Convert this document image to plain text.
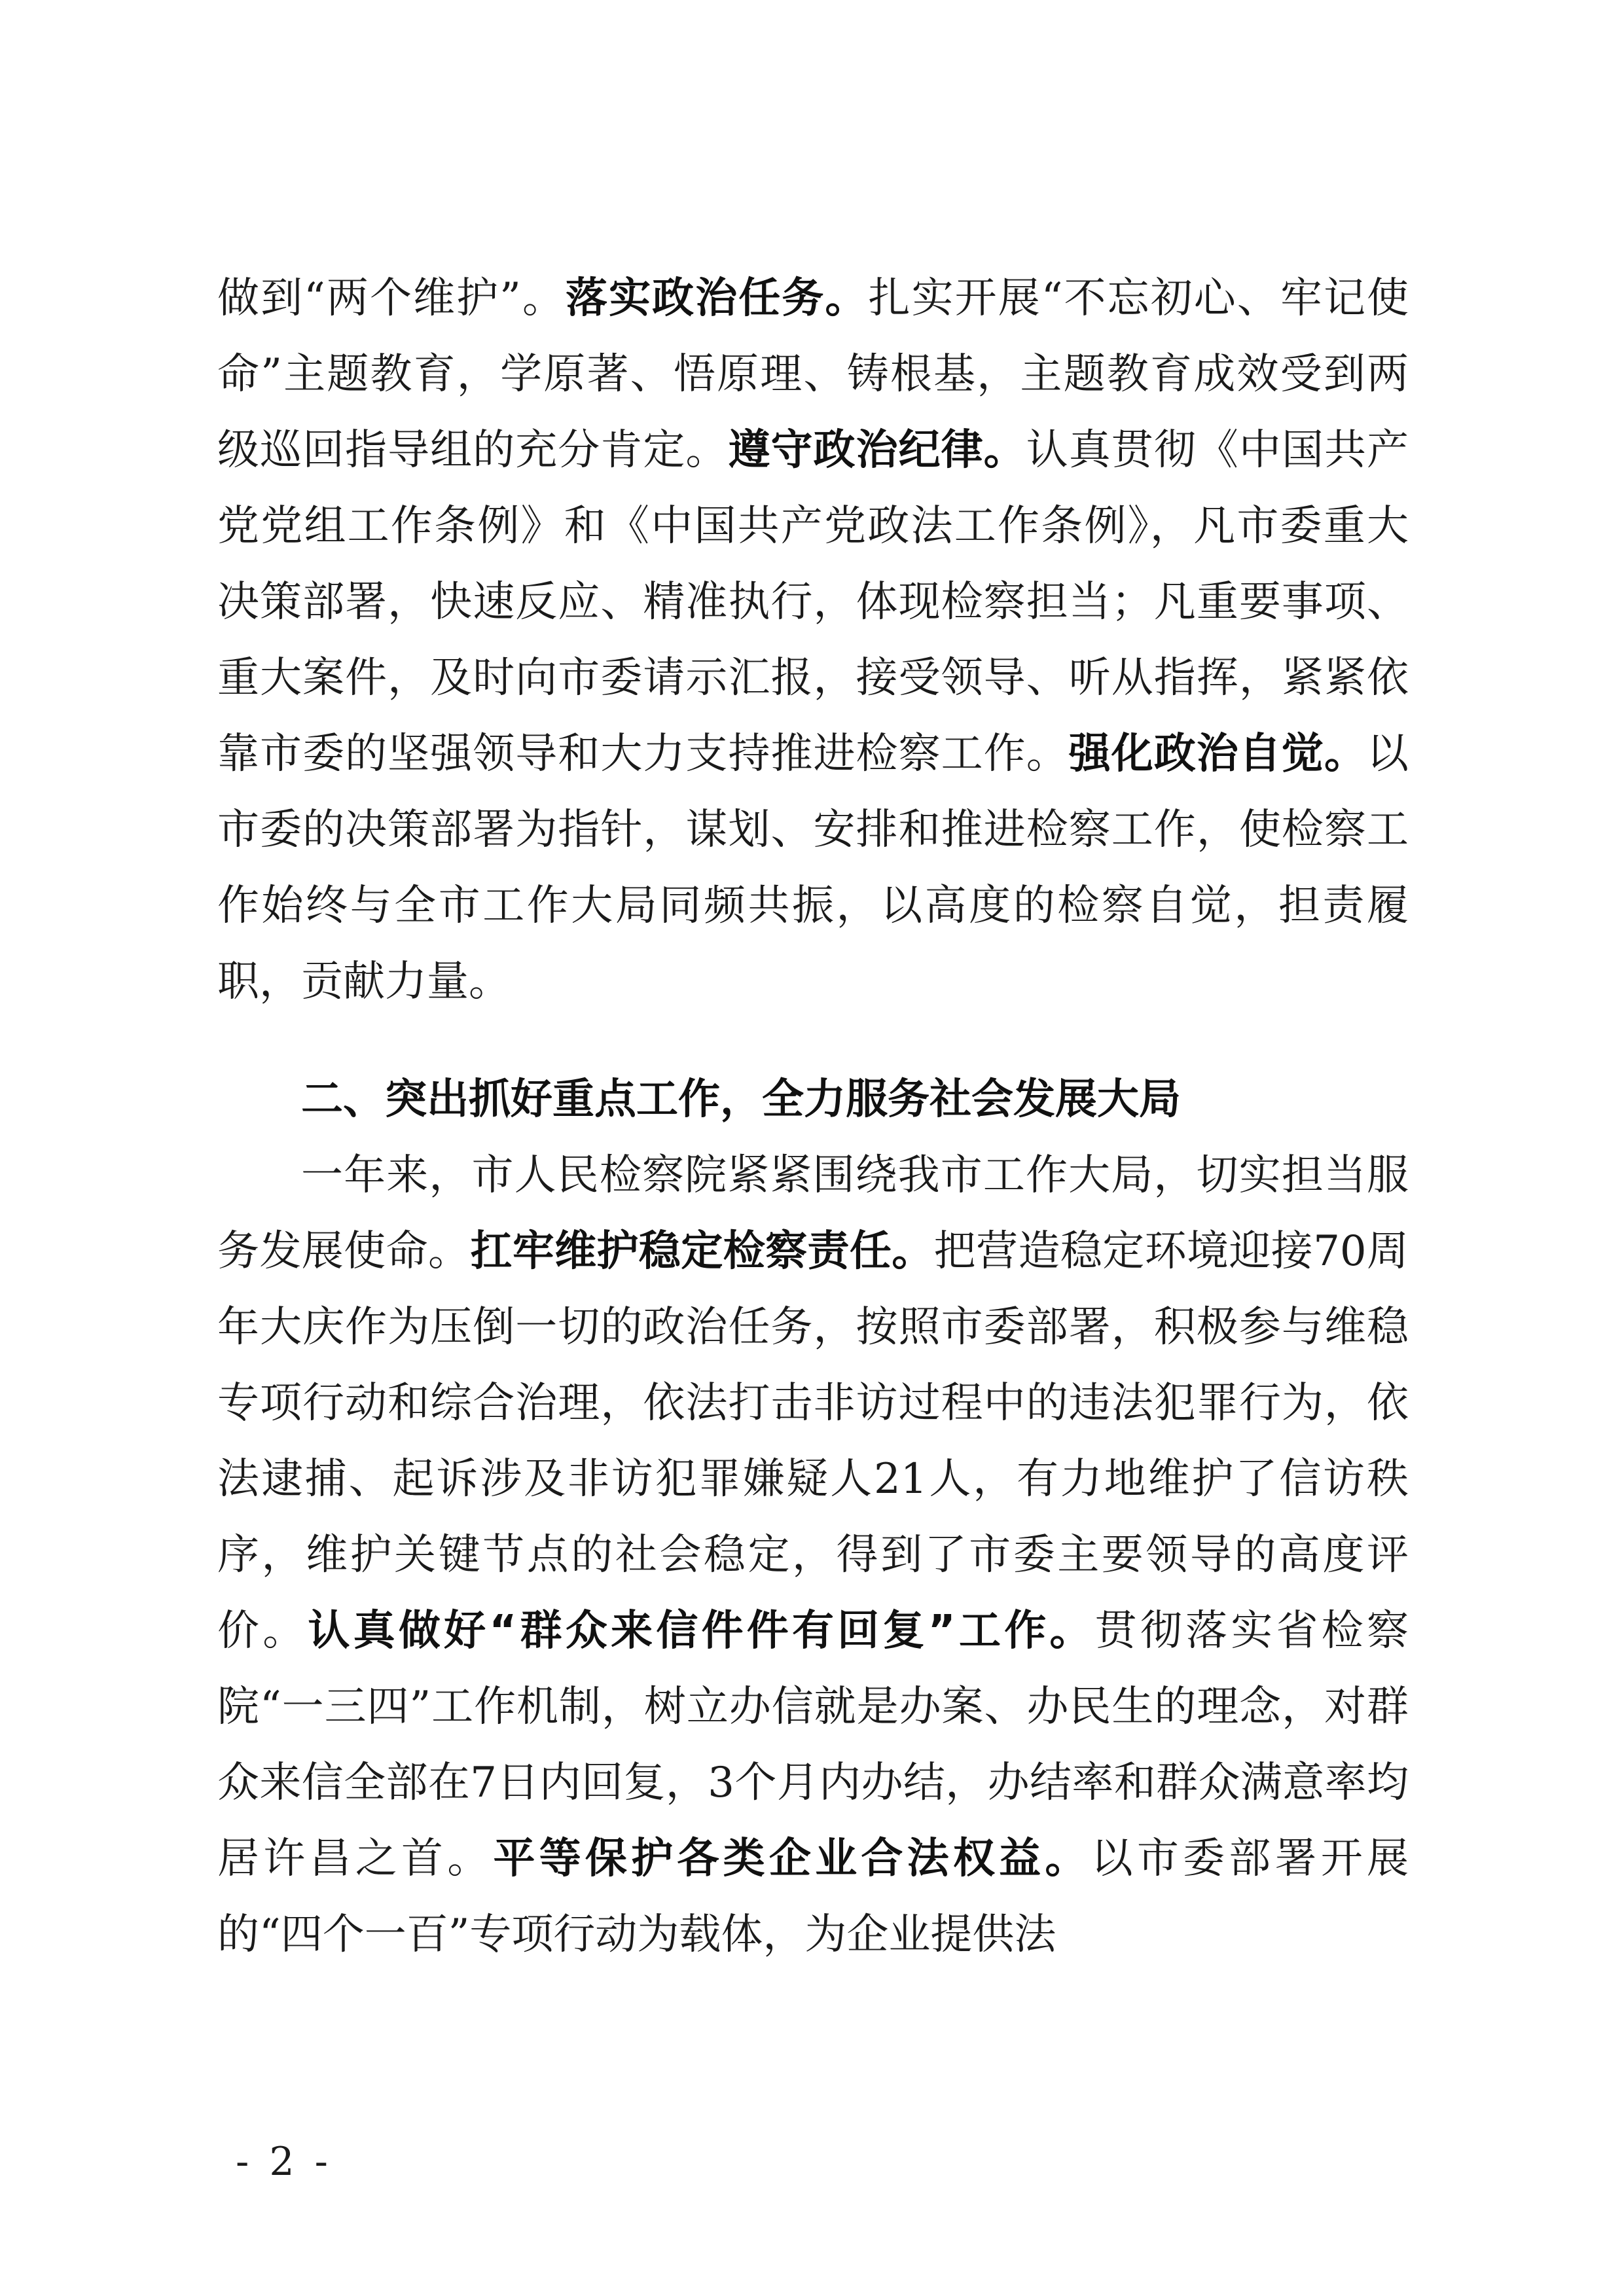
做到“两个维护”。落实政治任务。扎实开展“不忘初心、牢记使命”主题教育，学原著、悟原理、铸根基，主题教育成效受到两级巡回指导组的充分肯定。遵守政治纪律。认真贯彻《中国共产党党组工作条例》和《中国共产党政法工作条例》，凡市委重大决策部署，快速反应、精准执行，体现检察担当；凡重要事项、重大案件，及时向市委请示汇报，接受领导、听从指挥，紧紧依靠市委的坚强领导和大力支持推进检察工作。强化政治自觉。以市委的决策部署为指针，谋划、安排和推进检察工作，使检察工作始终与全市工作大局同频共振，以高度的检察自觉，担责履职，贡献力量。
二、突出抓好重点工作，全力服务社会发展大局
一年来，市人民检察院紧紧围绕我市工作大局，切实担当服务发展使命。扛牢维护稳定检察责任。把营造稳定环境迎接70周年大庆作为压倒一切的政治任务，按照市委部署，积极参与维稳专项行动和综合治理，依法打击非访过程中的违法犯罪行为，依法逮捕、起诉涉及非访犯罪嫌疑人21人，有力地维护了信访秩序，维护关键节点的社会稳定，得到了市委主要领导的高度评价。认真做好“群众来信件件有回复”工作。贯彻落实省检察院“一三四”工作机制，树立办信就是办案、办民生的理念，对群众来信全部在7日内回复，3个月内办结，办结率和群众满意率均居许昌之首。平等保护各类企业合法权益。以市委部署开展的“四个一百”专项行动为载体，为企业提供法
- 2 -
